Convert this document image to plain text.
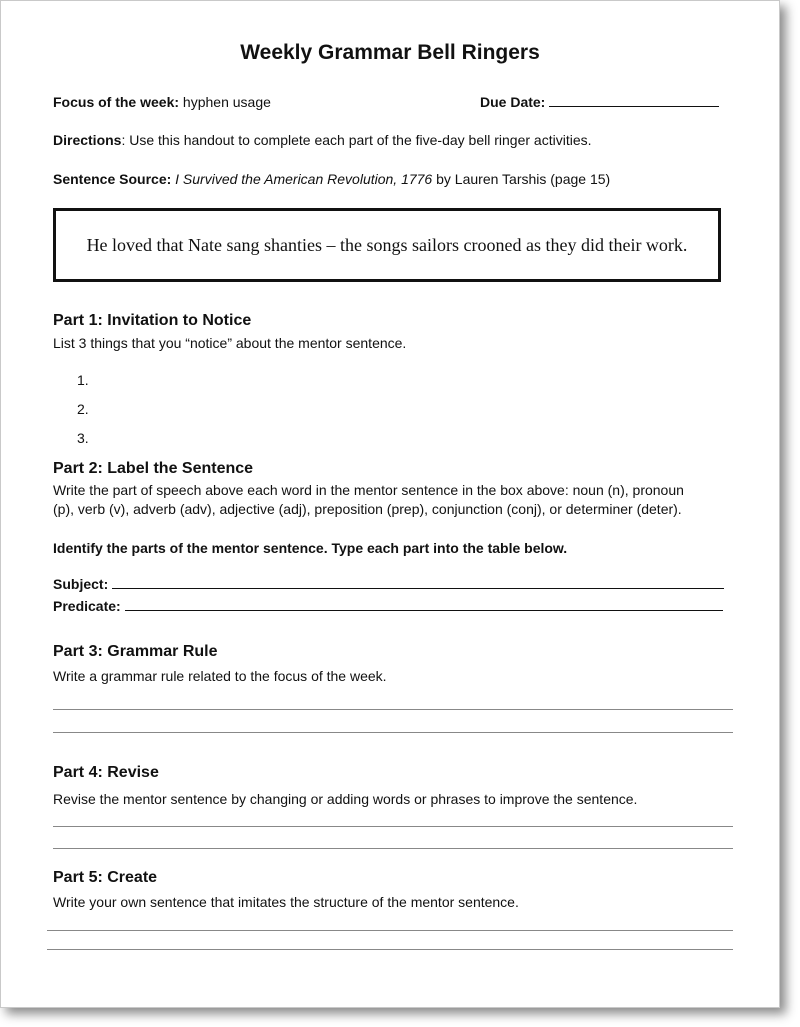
Weekly Grammar Bell Ringers
Focus of the week: hyphen usage	Due Date:
Directions: Use this handout to complete each part of the five-day bell ringer activities.
Sentence Source: I Survived the American Revolution, 1776 by Lauren Tarshis (page 15)
He loved that Nate sang shanties – the songs sailors crooned as they did their work.
Part 1: Invitation to Notice
List 3 things that you “notice” about the mentor sentence.
1.
2.
3.
Part 2: Label the Sentence
Write the part of speech above each word in the mentor sentence in the box above: noun (n), pronoun
(p), verb (v), adverb (adv), adjective (adj), preposition (prep), conjunction (conj), or determiner (deter).
Identify the parts of the mentor sentence. Type each part into the table below.
Subject:
Predicate:
Part 3: Grammar Rule
Write a grammar rule related to the focus of the week.
Part 4: Revise
Revise the mentor sentence by changing or adding words or phrases to improve the sentence.
Part 5: Create
Write your own sentence that imitates the structure of the mentor sentence.
